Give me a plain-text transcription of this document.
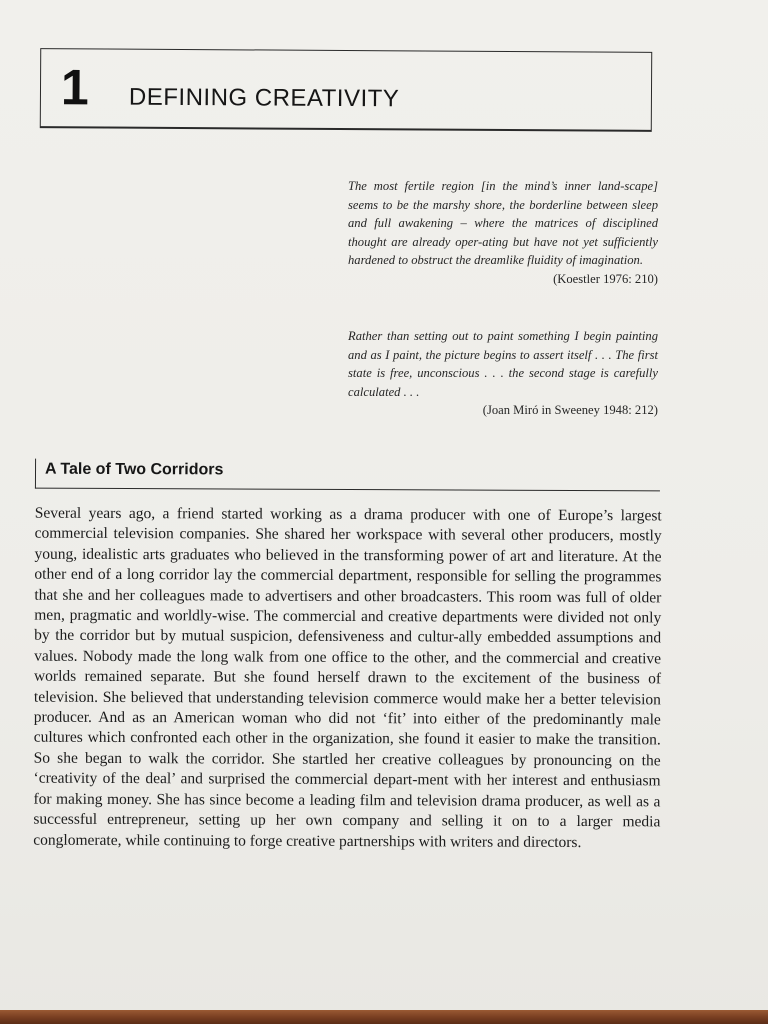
1 DEFINING CREATIVITY
The most fertile region [in the mind’s inner land-scape] seems to be the marshy shore, the borderline between sleep and full awakening – where the matrices of disciplined thought are already oper-ating but have not yet sufficiently hardened to obstruct the dreamlike fluidity of imagination.
(Koestler 1976: 210)
Rather than setting out to paint something I begin painting and as I paint, the picture begins to assert itself . . . The first state is free, unconscious . . . the second stage is carefully calculated . . .
(Joan Miró in Sweeney 1948: 212)
A Tale of Two Corridors
Several years ago, a friend started working as a drama producer with one of Europe’s largest commercial television companies. She shared her workspace with several other producers, mostly young, idealistic arts graduates who believed in the transforming power of art and literature. At the other end of a long corridor lay the commercial department, responsible for selling the programmes that she and her colleagues made to advertisers and other broadcasters. This room was full of older men, pragmatic and worldly-wise. The commercial and creative departments were divided not only by the corridor but by mutual suspicion, defensiveness and cultur-ally embedded assumptions and values. Nobody made the long walk from one office to the other, and the commercial and creative worlds remained separate. But she found herself drawn to the excitement of the business of television. She believed that understanding television commerce would make her a better television producer. And as an American woman who did not ‘fit’ into either of the predominantly male cultures which confronted each other in the organization, she found it easier to make the transition. So she began to walk the corridor. She startled her creative colleagues by pronouncing on the ‘creativity of the deal’ and surprised the commercial depart-ment with her interest and enthusiasm for making money. She has since become a leading film and television drama producer, as well as a successful entrepreneur, setting up her own company and selling it on to a larger media conglomerate, while continuing to forge creative partnerships with writers and directors.
